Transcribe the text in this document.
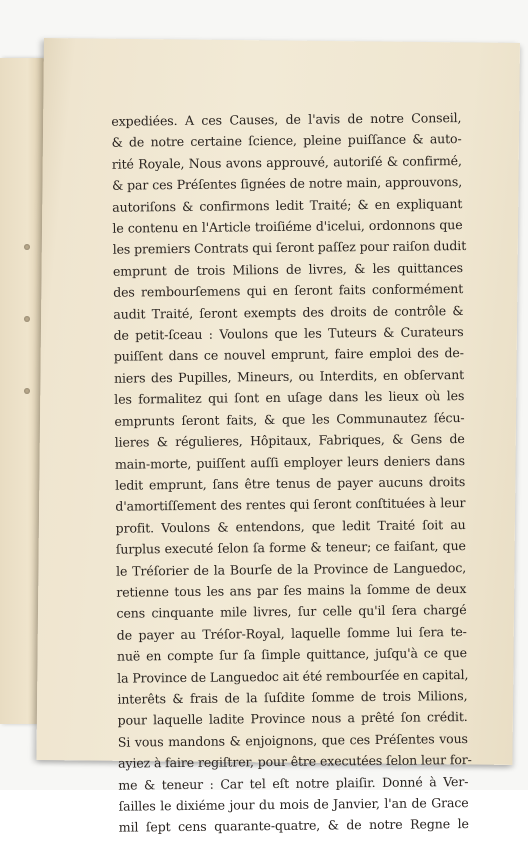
expediées. A ces Causes, de l'avis de notre Conseil,
& de notre certaine ſcience, pleine puiſſance & auto-
rité Royale, Nous avons approuvé, autoriſé & confirmé,
& par ces Préſentes ſignées de notre main, approuvons,
autoriſons & confirmons ledit Traité; & en expliquant
le contenu en l'Article troiſiéme d'icelui, ordonnons que
les premiers Contrats qui ſeront paſſez pour raiſon dudit
emprunt de trois Milions de livres, & les quittances
des rembourſemens qui en ſeront faits conformément
audit Traité, ſeront exempts des droits de contrôle &
de petit-ſceau : Voulons que les Tuteurs & Curateurs
puiſſent dans ce nouvel emprunt, faire emploi des de-
niers des Pupilles, Mineurs, ou Interdits, en obſervant
les formalitez qui ſont en uſage dans les lieux où les
emprunts ſeront faits, & que les Communautez ſécu-
lieres & régulieres, Hôpitaux, Fabriques, & Gens de
main-morte, puiſſent auſſi employer leurs deniers dans
ledit emprunt, ſans être tenus de payer aucuns droits
d'amortiſſement des rentes qui ſeront conſtituées à leur
profit. Voulons & entendons, que ledit Traité ſoit au
ſurplus executé ſelon ſa forme & teneur; ce faiſant, que
le Tréſorier de la Bourſe de la Province de Languedoc,
retienne tous les ans par ſes mains la ſomme de deux
cens cinquante mile livres, ſur celle qu'il ſera chargé
de payer au Tréſor-Royal, laquelle ſomme lui ſera te-
nuë en compte ſur ſa ſimple quittance, juſqu'à ce que
la Province de Languedoc ait été rembourſée en capital,
interêts & frais de la ſuſdite ſomme de trois Milions,
pour laquelle ladite Province nous a prêté ſon crédit.
Si vous mandons & enjoignons, que ces Préſentes vous
ayiez à faire regiſtrer, pour être executées ſelon leur for-
me & teneur : Car tel eſt notre plaiſir. Donné à Ver-
ſailles le dixiéme jour du mois de Janvier, l'an de Grace
mil ſept cens quarante-quatre, & de notre Regne le
